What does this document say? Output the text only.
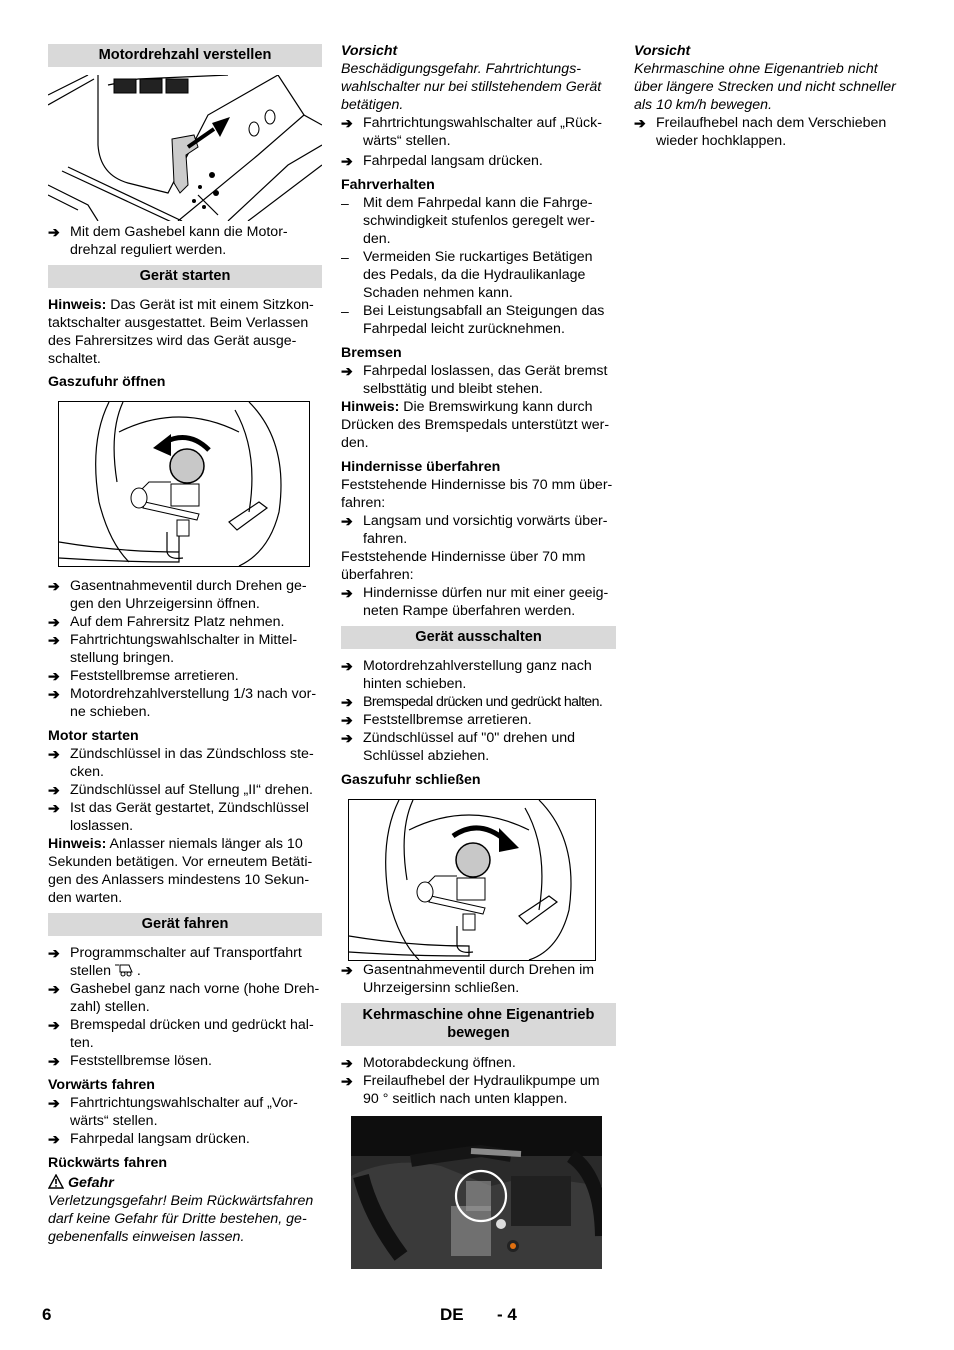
Motordrehzahl verstellen
➔ Mit dem Gashebel kann die Motor-
drehzal reguliert werden.
Gerät starten

Hinweis: Das Gerät ist mit einem Sitzkon-taktschalter ausgestattet. Beim Verlassen des Fahrersitzes wird das Gerät ausge-schaltet.

Gaszufuhr öffnen
➔ Gasentnahmeventil durch Drehen ge-gen den Uhrzeigersinn öffnen.
➔ Auf dem Fahrersitz Platz nehmen.
➔ Fahrtrichtungswahlschalter in Mittel-stellung bringen.
➔ Feststellbremse arretieren.
➔ Motordrehzahlverstellung 1/3 nach vor-ne schieben.
Motor starten
➔ Zündschlüssel in das Zündschloss ste-cken.
➔ Zündschlüssel auf Stellung „II“ drehen.
➔ Ist das Gerät gestartet, Zündschlüssel loslassen.

Hinweis: Anlasser niemals länger als 10 Sekunden betätigen. Vor erneutem Betäti-gen des Anlassers mindestens 10 Sekun-den warten.

Gerät fahren
➔ Programmschalter auf Transportfahrt stellen  .
➔ Gashebel ganz nach vorne (hohe Dreh-zahl) stellen.
➔ Bremspedal drücken und gedrückt hal-ten.
➔ Feststellbremse lösen.
Vorwärts fahren
➔ Fahrtrichtungswahlschalter auf „Vor-wärts“ stellen.
➔ Fahrpedal langsam drücken.
Rückwärts fahren
Gefahr

Verletzungsgefahr! Beim Rückwärtsfahren darf keine Gefahr für Dritte bestehen, ge-gebenenfalls einweisen lassen.

Vorsicht

Beschädigungsgefahr. Fahrtrichtungs-wahlschalter nur bei stillstehendem Gerät betätigen.

➔ Fahrtrichtungswahlschalter auf „Rück-wärts“ stellen.
➔ Fahrpedal langsam drücken.
Fahrverhalten
– Mit dem Fahrpedal kann die Fahrge-schwindigkeit stufenlos geregelt wer-den.
– Vermeiden Sie ruckartiges Betätigen des Pedals, da die Hydraulikanlage Schaden nehmen kann.
– Bei Leistungsabfall an Steigungen das Fahrpedal leicht zurücknehmen.
Bremsen
➔ Fahrpedal loslassen, das Gerät bremst selbsttätig und bleibt stehen.

Hinweis: Die Bremswirkung kann durch Drücken des Bremspedals unterstützt wer-den.

Hindernisse überfahren

Feststehende Hindernisse bis 70 mm über-fahren:

➔ Langsam und vorsichtig vorwärts über-fahren.

Feststehende Hindernisse über 70 mm überfahren:

➔ Hindernisse dürfen nur mit einer geeig-neten Rampe überfahren werden.
Gerät ausschalten
➔ Motordrehzahlverstellung ganz nach hinten schieben.
➔ Bremspedal drücken und gedrückt halten.
➔ Feststellbremse arretieren.
➔ Zündschlüssel auf "0" drehen und Schlüssel abziehen.
Gaszufuhr schließen
➔ Gasentnahmeventil durch Drehen im Uhrzeigersinn schließen.
Kehrmaschine ohne Eigenantrieb bewegen
➔ Motorabdeckung öffnen.
➔ Freilaufhebel der Hydraulikpumpe um 90 ° seitlich nach unten klappen.
Vorsicht

Kehrmaschine ohne Eigenantrieb nicht über längere Strecken und nicht schneller als 10 km/h bewegen.

➔ Freilaufhebel nach dem Verschieben wieder hochklappen.
6	DE - 4
